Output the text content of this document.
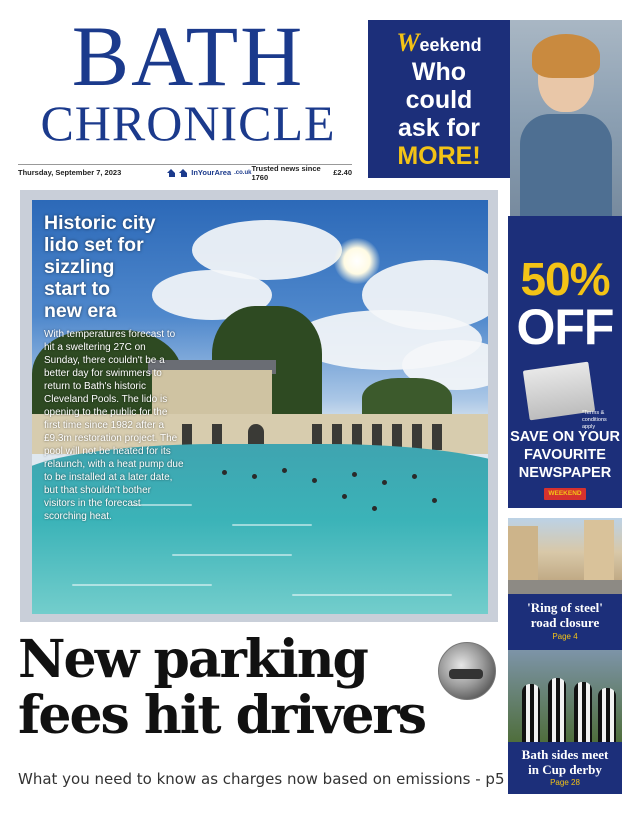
BATH
CHRONICLE
Thursday, September 7, 2023	InYourArea .co.uk Trusted news since 1760	£2.40
Weekend
Who
could
ask for
MORE!
50%
OFF
*Terms &
conditions
apply
SAVE ON YOUR
FAVOURITE
NEWSPAPER
WEEKEND
'Ring of steel'
road closure
Page 4
Bath sides meet
in Cup derby
Page 28
Historic city
lido set for
sizzling
start to
new era
With temperatures forecast to hit a sweltering 27C on Sunday, there couldn't be a better day for swimmers to return to Bath's historic Cleveland Pools. The lido is opening to the public for the first time since 1982 after a £9.3m restoration project. The pool will not be heated for its relaunch, with a heat pump due to be installed at a later date, but that shouldn't bother visitors in the forecast scorching heat.
New parking
fees hit drivers
What you need to know as charges now based on emissions - p5
